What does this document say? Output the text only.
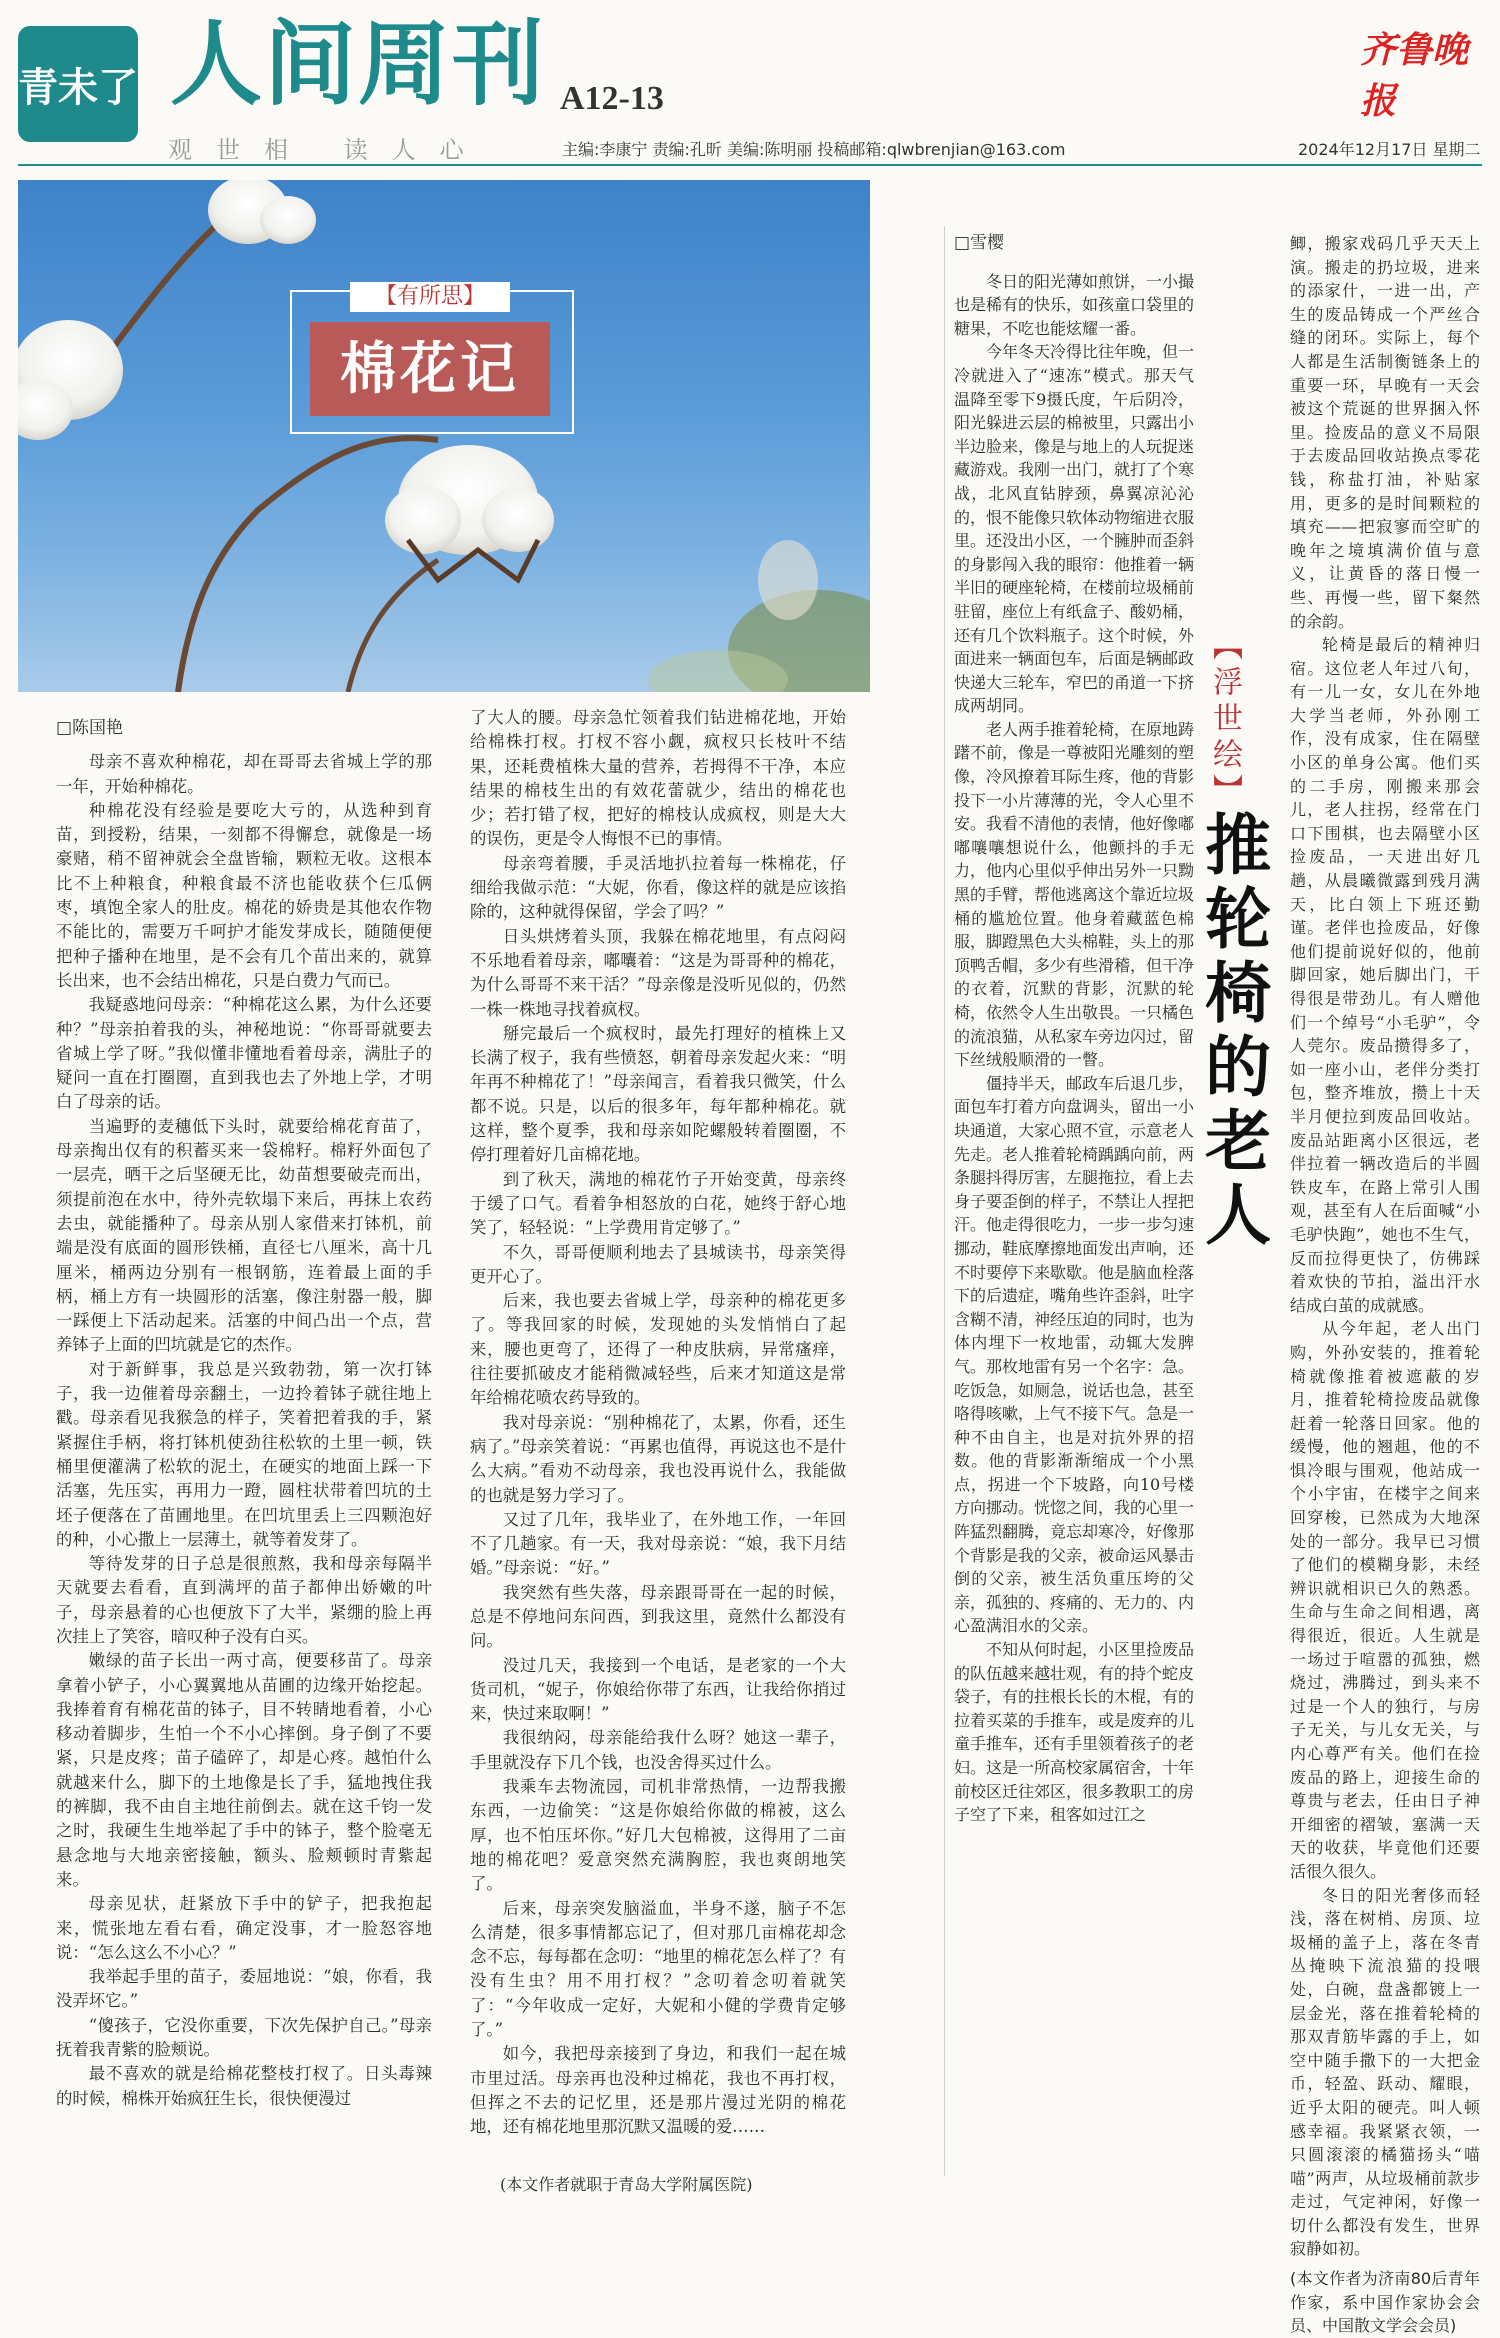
青未了 人间周刊 A12-13
观世相 读人心	主编:李康宁 责编:孔昕 美编:陈明丽 投稿邮箱:qlwbrenjian@163.com	2024年12月17日 星期二
齐鲁晚报
【有所思】
棉花记
□陈国艳

母亲不喜欢种棉花，却在哥哥去省城上学的那一年，开始种棉花。

种棉花没有经验是要吃大亏的，从选种到育苗，到授粉，结果，一刻都不得懈怠，就像是一场豪赌，稍不留神就会全盘皆输，颗粒无收。这根本比不上种粮食，种粮食最不济也能收获个仨瓜俩枣，填饱全家人的肚皮。棉花的娇贵是其他农作物不能比的，需要万千呵护才能发芽成长，随随便便把种子播种在地里，是不会有几个苗出来的，就算长出来，也不会结出棉花，只是白费力气而已。

我疑惑地问母亲：“种棉花这么累，为什么还要种？”母亲拍着我的头，神秘地说：“你哥哥就要去省城上学了呀。”我似懂非懂地看着母亲，满肚子的疑问一直在打圈圈，直到我也去了外地上学，才明白了母亲的话。

当遍野的麦穗低下头时，就要给棉花育苗了，母亲掏出仅有的积蓄买来一袋棉籽。棉籽外面包了一层壳，晒干之后坚硬无比，幼苗想要破壳而出，须提前泡在水中，待外壳软塌下来后，再抹上农药去虫，就能播种了。母亲从别人家借来打钵机，前端是没有底面的圆形铁桶，直径七八厘米，高十几厘米，桶两边分别有一根钢筋，连着最上面的手柄，桶上方有一块圆形的活塞，像注射器一般，脚一踩便上下活动起来。活塞的中间凸出一个点，营养钵子上面的凹坑就是它的杰作。

对于新鲜事，我总是兴致勃勃，第一次打钵子，我一边催着母亲翻土，一边拎着钵子就往地上戳。母亲看见我猴急的样子，笑着把着我的手，紧紧握住手柄，将打钵机使劲往松软的土里一顿，铁桶里便灌满了松软的泥土，在硬实的地面上踩一下活塞，先压实，再用力一蹬，圆柱状带着凹坑的土坯子便落在了苗圃地里。在凹坑里丢上三四颗泡好的种，小心撒上一层薄土，就等着发芽了。

等待发芽的日子总是很煎熬，我和母亲每隔半天就要去看看，直到满坪的苗子都伸出娇嫩的叶子，母亲悬着的心也便放下了大半，紧绷的脸上再次挂上了笑容，暗叹种子没有白买。

嫩绿的苗子长出一两寸高，便要移苗了。母亲拿着小铲子，小心翼翼地从苗圃的边缘开始挖起。我捧着育有棉花苗的钵子，目不转睛地看着，小心移动着脚步，生怕一个不小心摔倒。身子倒了不要紧，只是皮疼；苗子磕碎了，却是心疼。越怕什么就越来什么，脚下的土地像是长了手，猛地拽住我的裤脚，我不由自主地往前倒去。就在这千钧一发之时，我硬生生地举起了手中的钵子，整个脸毫无悬念地与大地亲密接触，额头、脸颊顿时青紫起来。

母亲见状，赶紧放下手中的铲子，把我抱起来，慌张地左看右看，确定没事，才一脸怒容地说：“怎么这么不小心？”

我举起手里的苗子，委屈地说：“娘，你看，我没弄坏它。”

“傻孩子，它没你重要，下次先保护自己。”母亲抚着我青紫的脸颊说。

最不喜欢的就是给棉花整枝打杈了。日头毒辣的时候，棉株开始疯狂生长，很快便漫过

了大人的腰。母亲急忙领着我们钻进棉花地，开始给棉株打杈。打杈不容小觑，疯杈只长枝叶不结果，还耗费植株大量的营养，若拇得不干净，本应结果的棉枝生出的有效花蕾就少，结出的棉花也少；若打错了杈，把好的棉枝认成疯杈，则是大大的误伤，更是令人悔恨不已的事情。

母亲弯着腰，手灵活地扒拉着每一株棉花，仔细给我做示范：“大妮，你看，像这样的就是应该掐除的，这种就得保留，学会了吗？”

日头烘烤着头顶，我躲在棉花地里，有点闷闷不乐地看着母亲，嘟囔着：“这是为哥哥种的棉花，为什么哥哥不来干活？”母亲像是没听见似的，仍然一株一株地寻找着疯杈。

掰完最后一个疯杈时，最先打理好的植株上又长满了杈子，我有些愤怒，朝着母亲发起火来：“明年再不种棉花了！”母亲闻言，看着我只微笑，什么都不说。只是，以后的很多年，每年都种棉花。就这样，整个夏季，我和母亲如陀螺般转着圈圈，不停打理着好几亩棉花地。

到了秋天，满地的棉花竹子开始变黄，母亲终于缓了口气。看着争相怒放的白花，她终于舒心地笑了，轻轻说：“上学费用肯定够了。”

不久，哥哥便顺利地去了县城读书，母亲笑得更开心了。

后来，我也要去省城上学，母亲种的棉花更多了。等我回家的时候，发现她的头发悄悄白了起来，腰也更弯了，还得了一种皮肤病，异常瘙痒，往往要抓破皮才能稍微减轻些，后来才知道这是常年给棉花喷农药导致的。

我对母亲说：“别种棉花了，太累，你看，还生病了。”母亲笑着说：“再累也值得，再说这也不是什么大病。”看劝不动母亲，我也没再说什么，我能做的也就是努力学习了。

又过了几年，我毕业了，在外地工作，一年回不了几趟家。有一天，我对母亲说：“娘，我下月结婚。”母亲说：“好。”

我突然有些失落，母亲跟哥哥在一起的时候，总是不停地问东问西，到我这里，竟然什么都没有问。

没过几天，我接到一个电话，是老家的一个大货司机，“妮子，你娘给你带了东西，让我给你捎过来，快过来取啊！”

我很纳闷，母亲能给我什么呀？她这一辈子，手里就没存下几个钱，也没舍得买过什么。

我乘车去物流园，司机非常热情，一边帮我搬东西，一边偷笑：“这是你娘给你做的棉被，这么厚，也不怕压坏你。”好几大包棉被，这得用了二亩地的棉花吧？爱意突然充满胸腔，我也爽朗地笑了。

后来，母亲突发脑溢血，半身不遂，脑子不怎么清楚，很多事情都忘记了，但对那几亩棉花却念念不忘，每每都在念叨：“地里的棉花怎么样了？有没有生虫？用不用打杈？”念叨着念叨着就笑了：“今年收成一定好，大妮和小健的学费肯定够了。”

如今，我把母亲接到了身边，和我们一起在城市里过活。母亲再也没种过棉花，我也不再打杈，但挥之不去的记忆里，还是那片漫过光阴的棉花地，还有棉花地里那沉默又温暖的爱……

(本文作者就职于青岛大学附属医院)
□雪樱

冬日的阳光薄如煎饼，一小撮也是稀有的快乐，如孩童口袋里的糖果，不吃也能炫耀一番。

今年冬天冷得比往年晚，但一冷就进入了“速冻”模式。那天气温降至零下9摄氏度，午后阴冷，阳光躲进云层的棉被里，只露出小半边脸来，像是与地上的人玩捉迷藏游戏。我刚一出门，就打了个寒战，北风直钻脖颈，鼻翼凉沁沁的，恨不能像只软体动物缩进衣服里。还没出小区，一个臃肿而歪斜的身影闯入我的眼帘：他推着一辆半旧的硬座轮椅，在楼前垃圾桶前驻留，座位上有纸盒子、酸奶桶，还有几个饮料瓶子。这个时候，外面进来一辆面包车，后面是辆邮政快递大三轮车，窄巴的甬道一下挤成两胡同。

老人两手推着轮椅，在原地踌躇不前，像是一尊被阳光雕刻的塑像，冷风撩着耳际生疼，他的背影投下一小片薄薄的光，令人心里不安。我看不清他的表情，他好像嘟嘟嚷嚷想说什么，他颤抖的手无力，他内心里似乎伸出另外一只黝黑的手臂，帮他逃离这个靠近垃圾桶的尴尬位置。他身着藏蓝色棉服，脚蹬黑色大头棉鞋，头上的那顶鸭舌帽，多少有些滑稽，但干净的衣着，沉默的背影，沉默的轮椅，依然令人生出敬畏。一只橘色的流浪猫，从私家车旁边闪过，留下丝绒般顺滑的一瞥。

僵持半天，邮政车后退几步，面包车打着方向盘调头，留出一小块通道，大家心照不宣，示意老人先走。老人推着轮椅踽踽向前，两条腿抖得厉害，左腿拖拉，看上去身子要歪倒的样子，不禁让人捏把汗。他走得很吃力，一步一步匀速挪动，鞋底摩擦地面发出声响，还不时要停下来歇歇。他是脑血栓落下的后遗症，嘴角些许歪斜，吐字含糊不清，神经压迫的同时，也为体内埋下一枚地雷，动辄大发脾气。那枚地雷有另一个名字：急。吃饭急，如厕急，说话也急，甚至咯得咳嗽，上气不接下气。急是一种不由自主，也是对抗外界的招数。他的背影渐渐缩成一个小黑点，拐进一个下坡路，向10号楼方向挪动。恍惚之间，我的心里一阵猛烈翻腾，竟忘却寒冷，好像那个背影是我的父亲，被命运风暴击倒的父亲，被生活负重压垮的父亲，孤独的、疼痛的、无力的、内心盈满泪水的父亲。

不知从何时起，小区里捡废品的队伍越来越壮观，有的持个蛇皮袋子，有的拄根长长的木棍，有的拉着买菜的手推车，或是废弃的儿童手推车，还有手里领着孩子的老妇。这是一所高校家属宿舍，十年前校区迁往郊区，很多教职工的房子空了下来，租客如过江之

【浮世绘】
推轮椅的老人

鲫，搬家戏码几乎天天上演。搬走的扔垃圾，进来的添家什，一进一出，产生的废品铸成一个严丝合缝的闭环。实际上，每个人都是生活制衡链条上的重要一环，早晚有一天会被这个荒诞的世界捆入怀里。捡废品的意义不局限于去废品回收站换点零花钱，称盐打油，补贴家用，更多的是时间颗粒的填充——把寂寥而空旷的晚年之境填满价值与意义，让黄昏的落日慢一些、再慢一些，留下粲然的余韵。

轮椅是最后的精神归宿。这位老人年过八旬，有一儿一女，女儿在外地大学当老师，外孙刚工作，没有成家，住在隔壁小区的单身公寓。他们买的二手房，刚搬来那会儿，老人拄拐，经常在门口下围棋，也去隔壁小区捡废品，一天进出好几趟，从晨曦微露到残月满天，比白领上下班还勤谨。老伴也捡废品，好像他们提前说好似的，他前脚回家，她后脚出门，干得很是带劲儿。有人赠他们一个绰号“小毛驴”，令人莞尔。废品攒得多了，如一座小山，老伴分类打包，整齐堆放，攒上十天半月便拉到废品回收站。废品站距离小区很远，老伴拉着一辆改造后的半圆铁皮车，在路上常引人围观，甚至有人在后面喊“小毛驴快跑”，她也不生气，反而拉得更快了，仿佛踩着欢快的节拍，溢出汗水结成白茧的成就感。

从今年起，老人出门购，外孙安装的，推着轮椅就像推着被遮蔽的岁月，推着轮椅捡废品就像赶着一轮落日回家。他的缓慢，他的翘趄，他的不惧冷眼与围观，他站成一个小宇宙，在楼宇之间来回穿梭，已然成为大地深处的一部分。我早已习惯了他们的模糊身影，未经辨识就相识已久的熟悉。生命与生命之间相遇，离得很近，很近。人生就是一场过于喧嚣的孤独，燃烧过，沸腾过，到头来不过是一个人的独行，与房子无关，与儿女无关，与内心尊严有关。他们在捡废品的路上，迎接生命的尊贵与老去，任由日子神开细密的褶皱，塞满一天天的收获，毕竟他们还要活很久很久。

冬日的阳光奢侈而轻浅，落在树梢、房顶、垃圾桶的盖子上，落在冬青丛掩映下流浪猫的投喂处，白碗，盘盏都镀上一层金光，落在推着轮椅的那双青筋毕露的手上，如空中随手撒下的一大把金币，轻盈、跃动、耀眼，近乎太阳的硬壳。叫人顿感幸福。我紧紧衣领，一只圆滚滚的橘猫扬头“喵喵”两声，从垃圾桶前款步走过，气定神闲，好像一切什么都没有发生，世界寂静如初。

(本文作者为济南80后青年作家，系中国作家协会会员、中国散文学会会员)
